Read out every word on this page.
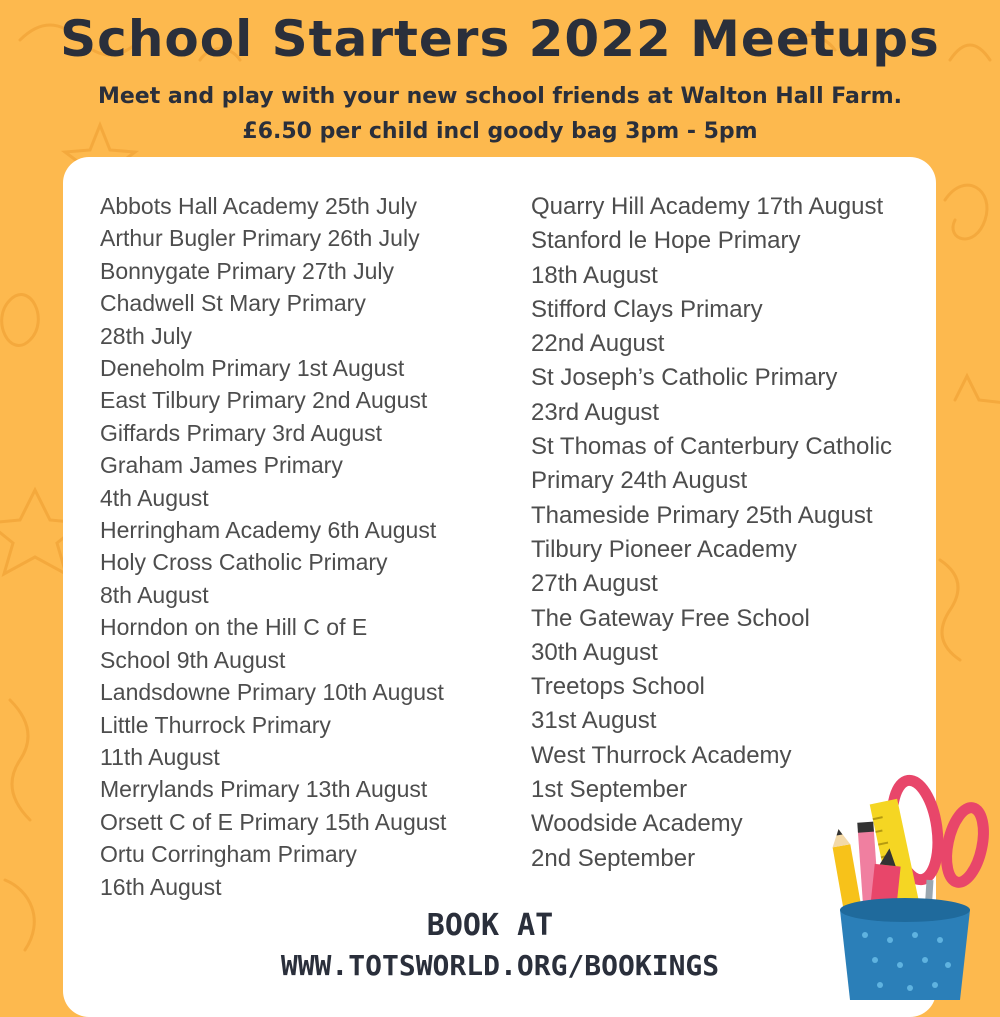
School Starters 2022 Meetups

Meet and play with your new school friends at Walton Hall Farm.

£6.50 per child incl goody bag 3pm - 5pm

Abbots Hall Academy 25th July
Arthur Bugler Primary 26th July
Bonnygate Primary 27th July
Chadwell St Mary Primary
28th July
Deneholm Primary 1st August
East Tilbury Primary 2nd August
Giffards Primary 3rd August
Graham James Primary
4th August
Herringham Academy 6th August
Holy Cross Catholic Primary
8th August
Horndon on the Hill C of E
School 9th August
Landsdowne Primary 10th August
Little Thurrock Primary
11th August
Merrylands Primary 13th August
Orsett C of E Primary 15th August
Ortu Corringham Primary
16th August
Quarry Hill Academy 17th August
Stanford le Hope Primary
18th August
Stifford Clays Primary
22nd August
St Joseph’s Catholic Primary
23rd August
St Thomas of Canterbury Catholic
Primary 24th August
Thameside Primary 25th August
Tilbury Pioneer Academy
27th August
The Gateway Free School
30th August
Treetops School
31st August
West Thurrock Academy
1st September
Woodside Academy
2nd September

BOOK AT

WWW.TOTSWORLD.ORG/BOOKINGS
